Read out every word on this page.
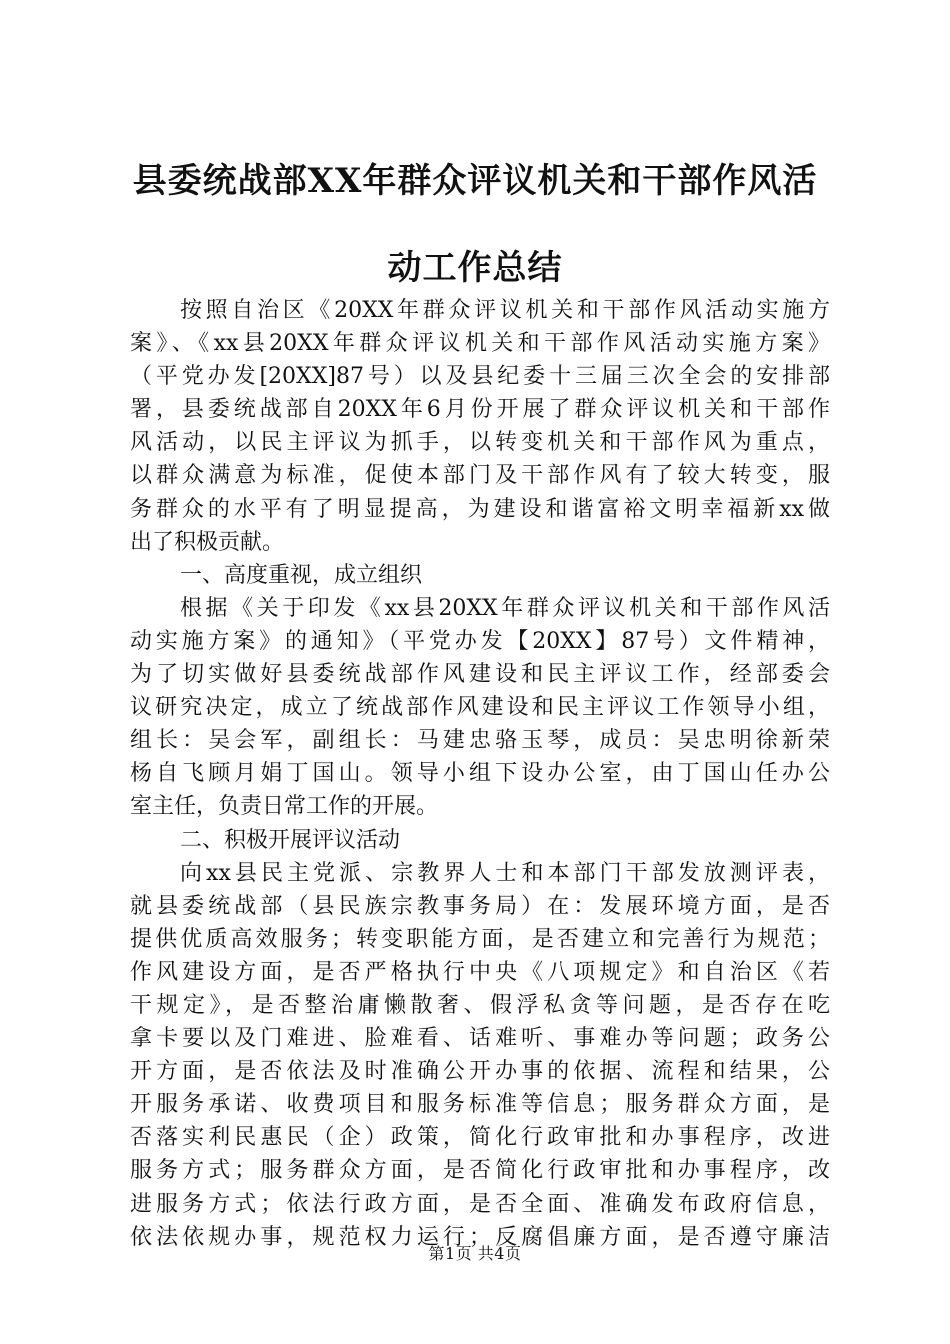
县委统战部XX年群众评议机关和干部作风活
动工作总结
按照自治区《20XX年群众评议机关和干部作风活动实施方
案》、《xx县20XX年群众评议机关和干部作风活动实施方案》
（平党办发[20XX]87号）以及县纪委十三届三次全会的安排部
署，县委统战部自20XX年6月份开展了群众评议机关和干部作
风活动，以民主评议为抓手，以转变机关和干部作风为重点，
以群众满意为标准，促使本部门及干部作风有了较大转变，服
务群众的水平有了明显提高，为建设和谐富裕文明幸福新xx做
出了积极贡献。
一、高度重视，成立组织
根据《关于印发《xx县20XX年群众评议机关和干部作风活
动实施方案》的通知》（平党办发【20XX】87号）文件精神，
为了切实做好县委统战部作风建设和民主评议工作，经部委会
议研究决定，成立了统战部作风建设和民主评议工作领导小组，
组长：吴会军，副组长：马建忠骆玉琴，成员：吴忠明徐新荣
杨自飞顾月娟丁国山。领导小组下设办公室，由丁国山任办公
室主任，负责日常工作的开展。
二、积极开展评议活动
向xx县民主党派、宗教界人士和本部门干部发放测评表，
就县委统战部（县民族宗教事务局）在：发展环境方面，是否
提供优质高效服务；转变职能方面，是否建立和完善行为规范；
作风建设方面，是否严格执行中央《八项规定》和自治区《若
干规定》，是否整治庸懒散奢、假浮私贪等问题，是否存在吃
拿卡要以及门难进、脸难看、话难听、事难办等问题；政务公
开方面，是否依法及时准确公开办事的依据、流程和结果，公
开服务承诺、收费项目和服务标准等信息；服务群众方面，是
否落实利民惠民（企）政策，简化行政审批和办事程序，改进
服务方式；服务群众方面，是否简化行政审批和办事程序，改
进服务方式；依法行政方面，是否全面、准确发布政府信息，
依法依规办事，规范权力运行；反腐倡廉方面，是否遵守廉洁
第1页 共4页
